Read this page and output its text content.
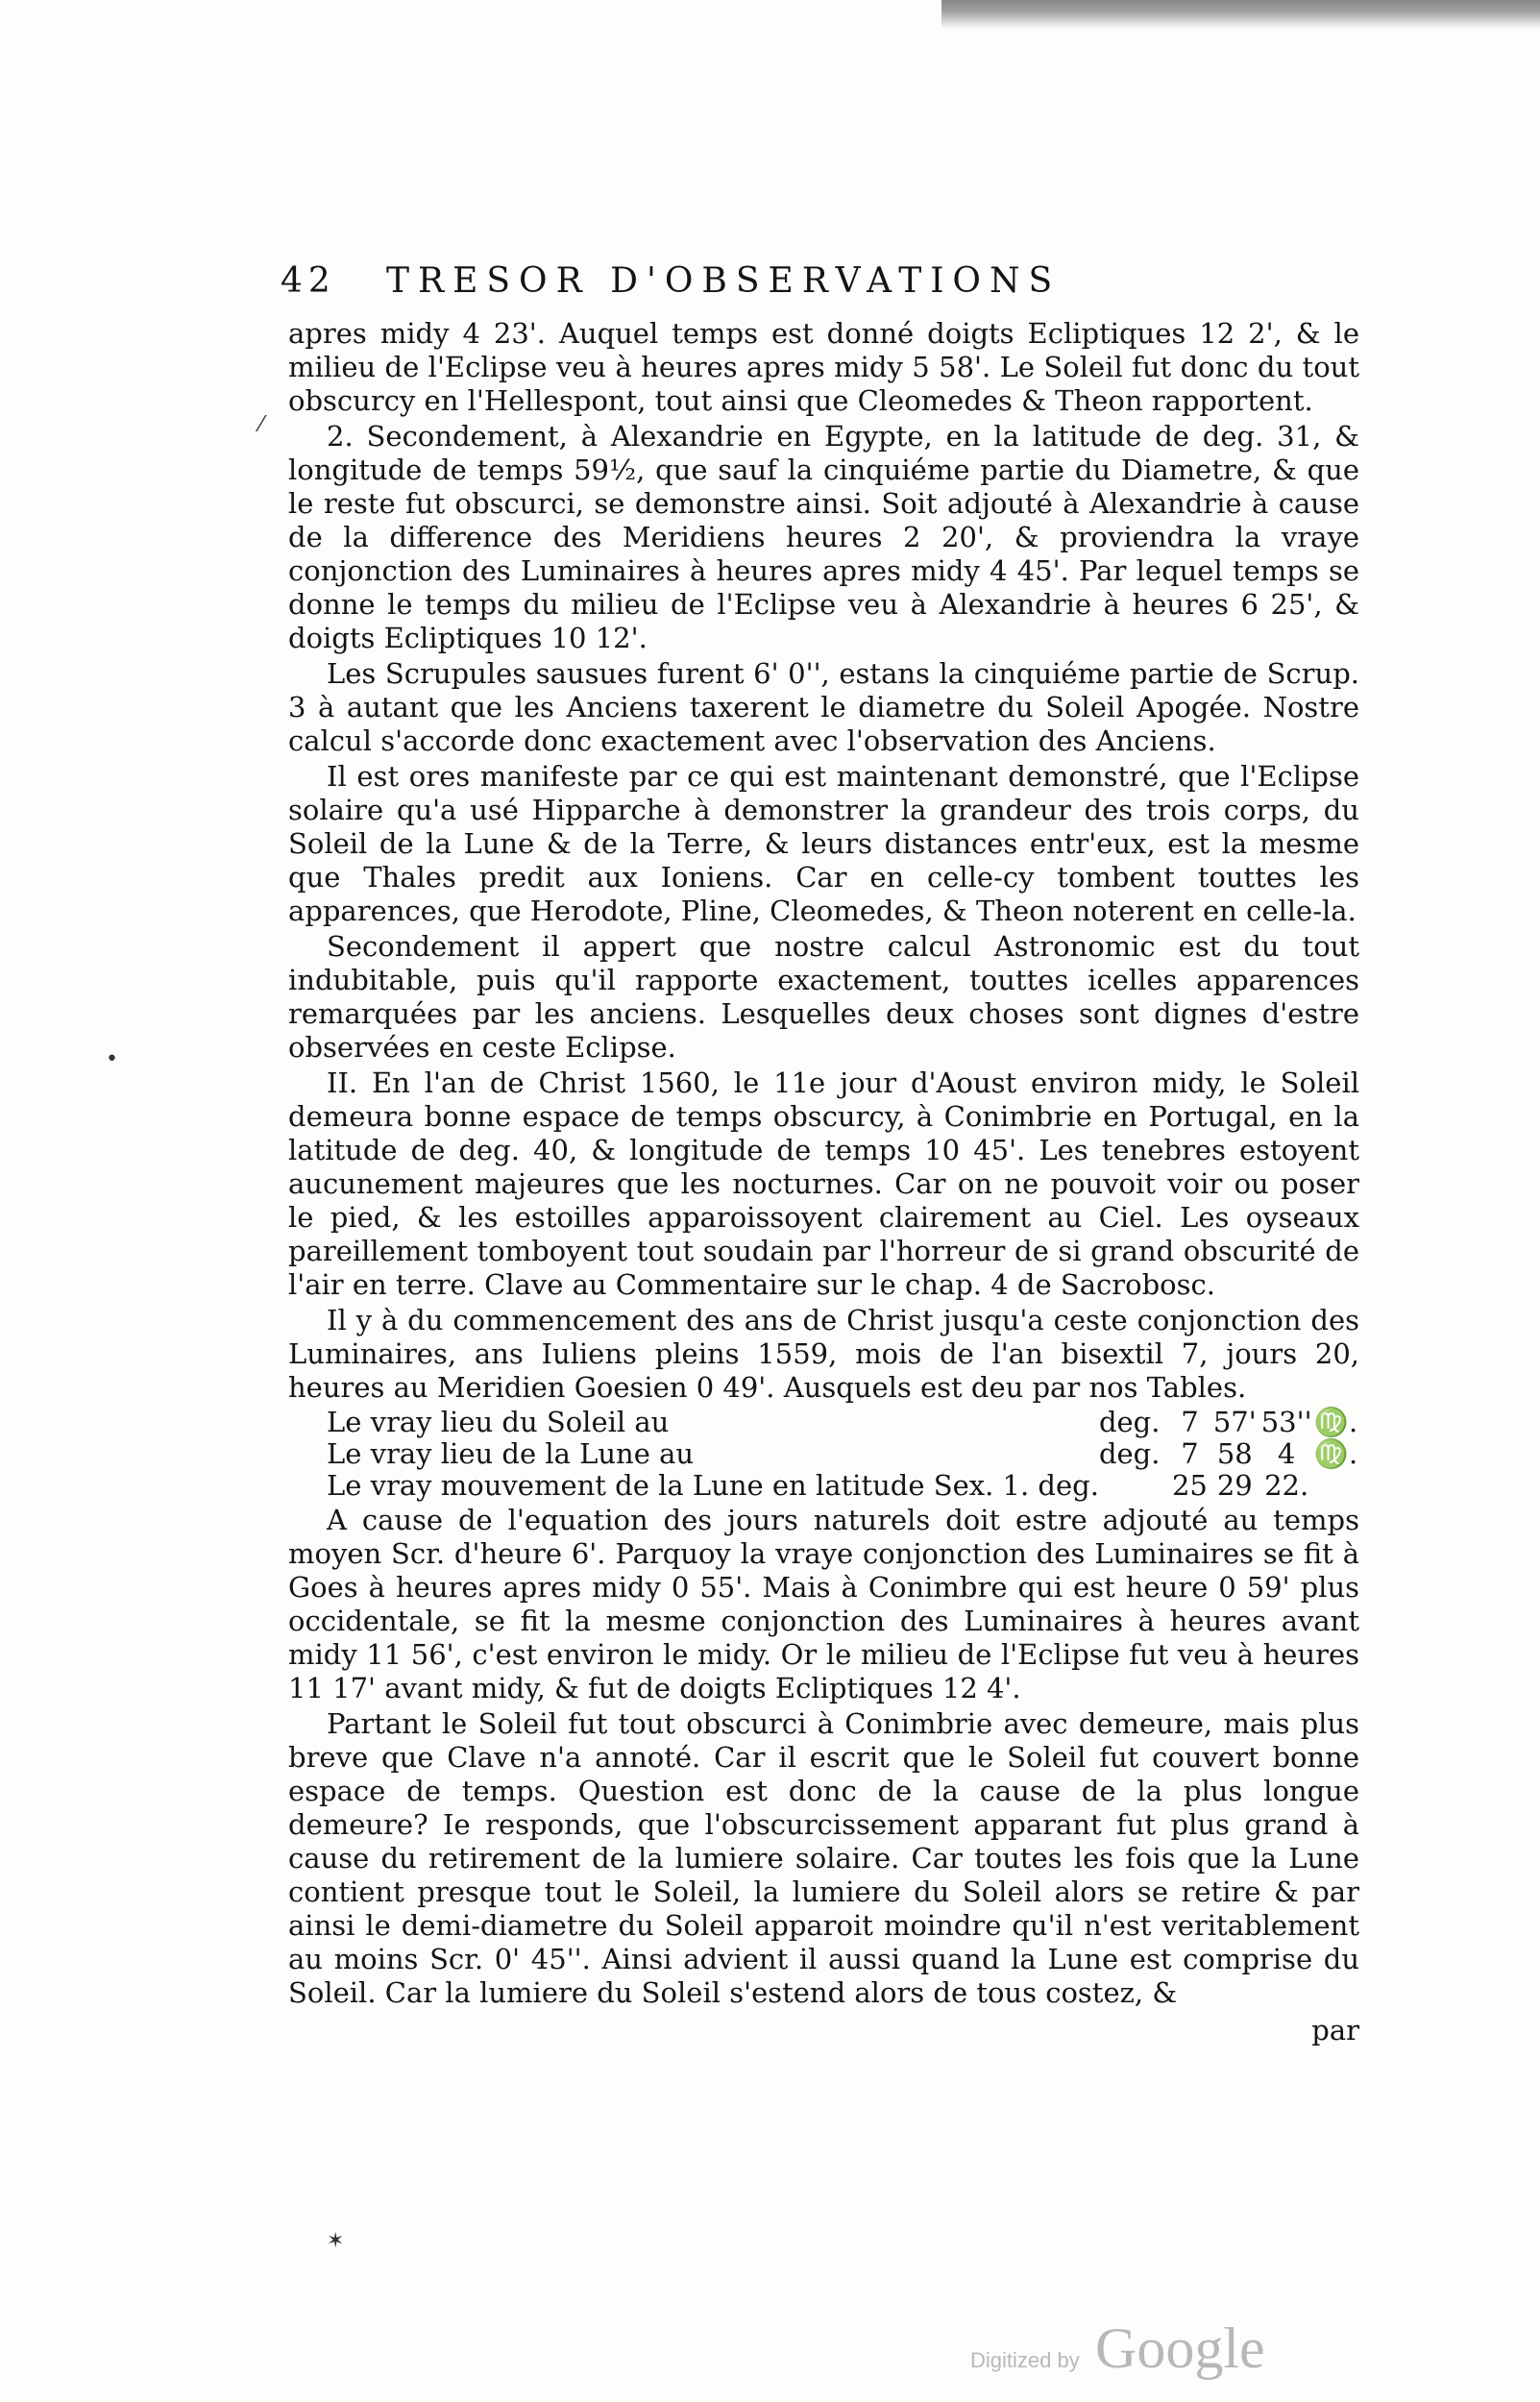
42 TRESOR D'OBSERVATIONS

apres midy 4 23'. Auquel temps est donné doigts Ecliptiques 12 2', & le milieu de l'Eclipse veu à heures apres midy 5 58'. Le Soleil fut donc du tout obscurcy en l'Hellespont, tout ainsi que Cleomedes & Theon rapportent.

2. Secondement, à Alexandrie en Egypte, en la latitude de deg. 31, & longitude de temps 59½, que sauf la cinquiéme partie du Diametre, & que le reste fut obscurci, se demonstre ainsi. Soit adjouté à Alexandrie à cause de la difference des Meridiens heures 2 20', & proviendra la vraye conjonction des Luminaires à heures apres midy 4 45'. Par lequel temps se donne le temps du milieu de l'Eclipse veu à Alexandrie à heures 6 25', & doigts Ecliptiques 10 12'.

Les Scrupules sausues furent 6' 0'', estans la cinquiéme partie de Scrup. 3 à autant que les Anciens taxerent le diametre du Soleil Apogée. Nostre calcul s'accorde donc exactement avec l'observation des Anciens.

Il est ores manifeste par ce qui est maintenant demonstré, que l'Eclipse solaire qu'a usé Hipparche à demonstrer la grandeur des trois corps, du Soleil de la Lune & de la Terre, & leurs distances entr'eux, est la mesme que Thales predit aux Ioniens. Car en celle-cy tombent touttes les apparences, que Herodote, Pline, Cleomedes, & Theon noterent en celle-la.

Secondement il appert que nostre calcul Astronomic est du tout indubitable, puis qu'il rapporte exactement, touttes icelles apparences remarquées par les anciens. Lesquelles deux choses sont dignes d'estre observées en ceste Eclipse.

II. En l'an de Christ 1560, le 11e jour d'Aoust environ midy, le Soleil demeura bonne espace de temps obscurcy, à Conimbrie en Portugal, en la latitude de deg. 40, & longitude de temps 10 45'. Les tenebres estoyent aucunement majeures que les nocturnes. Car on ne pouvoit voir ou poser le pied, & les estoilles apparoissoyent clairement au Ciel. Les oyseaux pareillement tomboyent tout soudain par l'horreur de si grand obscurité de l'air en terre. Clave au Commentaire sur le chap. 4 de Sacrobosc.

Il y à du commencement des ans de Christ jusqu'a ceste conjonction des Luminaires, ans Iuliens pleins 1559, mois de l'an bisextil 7, jours 20, heures au Meridien Goesien 0 49'. Ausquels est deu par nos Tables.

Le vray lieu du Soleil au	deg.	7	57'	53''	♍.
Le vray lieu de la Lune au	deg.	7	58	4	♍.
Le vray mouvement de la Lune en latitude Sex. 1. deg.		25	29	22.	

A cause de l'equation des jours naturels doit estre adjouté au temps moyen Scr. d'heure 6'. Parquoy la vraye conjonction des Luminaires se fit à Goes à heures apres midy 0 55'. Mais à Conimbre qui est heure 0 59' plus occidentale, se fit la mesme conjonction des Luminaires à heures avant midy 11 56', c'est environ le midy. Or le milieu de l'Eclipse fut veu à heures 11 17' avant midy, & fut de doigts Ecliptiques 12 4'.

Partant le Soleil fut tout obscurci à Conimbrie avec demeure, mais plus breve que Clave n'a annoté. Car il escrit que le Soleil fut couvert bonne espace de temps. Question est donc de la cause de la plus longue demeure? Ie responds, que l'obscurcissement apparant fut plus grand à cause du retirement de la lumiere solaire. Car toutes les fois que la Lune contient presque tout le Soleil, la lumiere du Soleil alors se retire & par ainsi le demi-diametre du Soleil apparoit moindre qu'il n'est veritablement au moins Scr. 0' 45''. Ainsi advient il aussi quand la Lune est comprise du Soleil. Car la lumiere du Soleil s'estend alors de tous costez, &

par
⁄
•
✶
Digitized by Google
